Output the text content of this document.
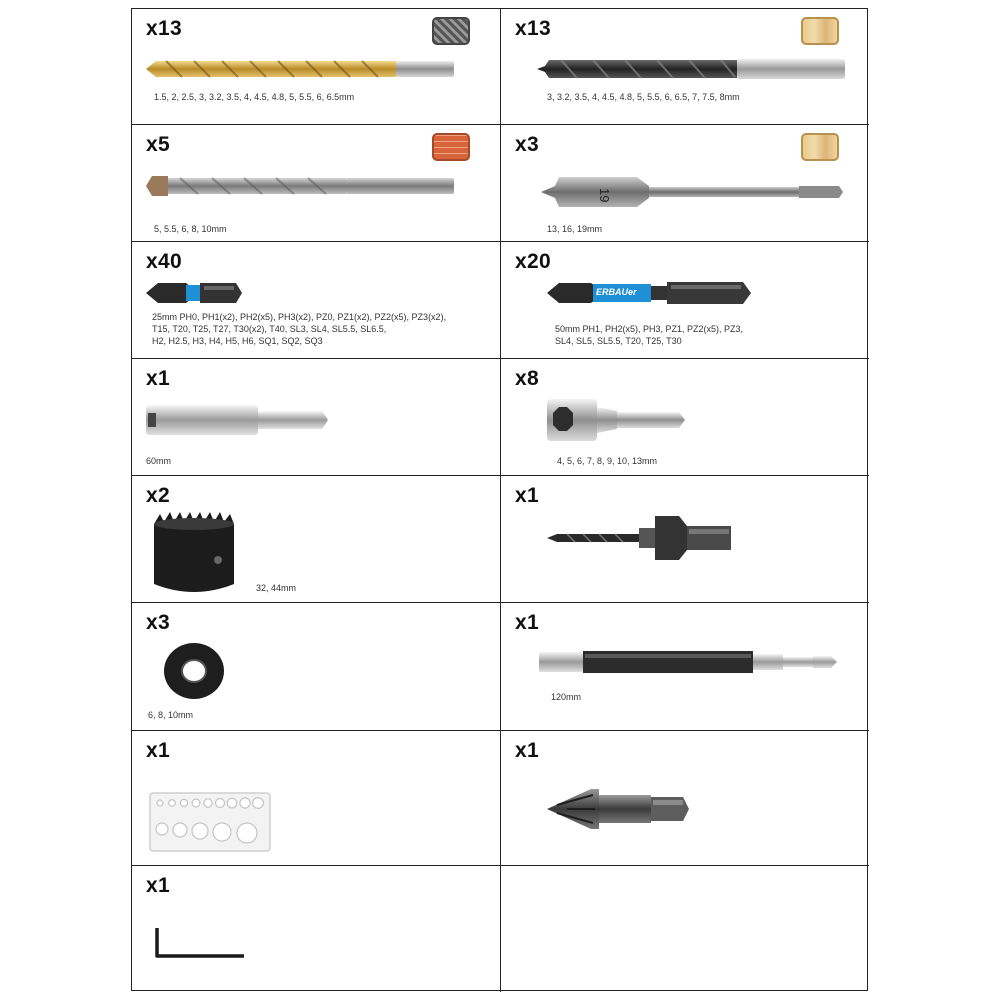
x13
1.5, 2, 2.5, 3, 3.2, 3.5, 4, 4.5, 4.8, 5, 5.5, 6, 6.5mm
x13
3, 3.2, 3.5, 4, 4.5, 4.8, 5, 5.5, 6, 6.5, 7, 7.5, 8mm
x5
5, 5.5, 6, 8, 10mm
x3
19
13, 16, 19mm
x40
25mm PH0, PH1(x2), PH2(x5), PH3(x2), PZ0, PZ1(x2), PZ2(x5), PZ3(x2),
T15, T20, T25, T27, T30(x2), T40, SL3, SL4, SL5.5, SL6.5,
H2, H2.5, H3, H4, H5, H6, SQ1, SQ2, SQ3
x20
ERBAUer
50mm PH1, PH2(x5), PH3, PZ1, PZ2(x5), PZ3,
SL4, SL5, SL5.5, T20, T25, T30
x1
60mm
x8
4, 5, 6, 7, 8, 9, 10, 13mm
x2
32, 44mm
x1
x3
6, 8, 10mm
x1
120mm
x1	x1
x1
